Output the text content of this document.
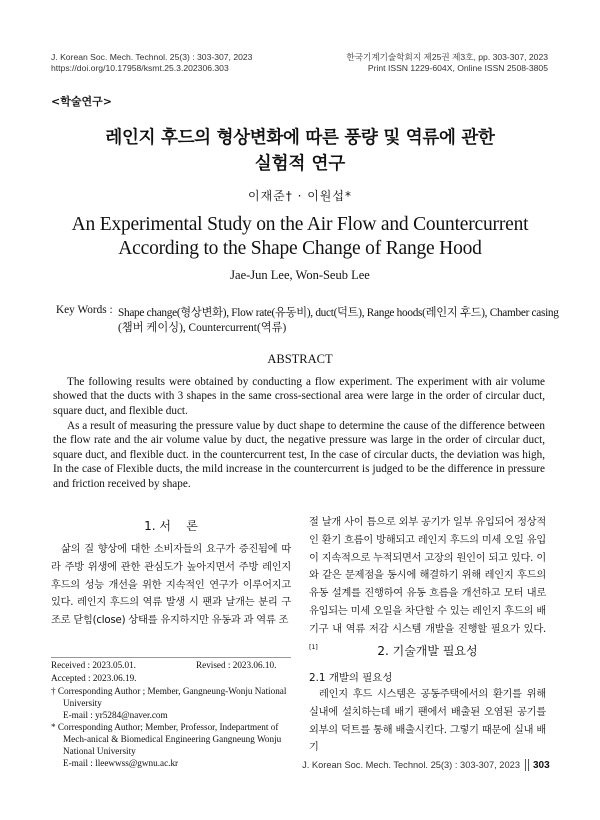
J. Korean Soc. Mech. Technol. 25(3) : 303-307, 2023
https://doi.org/10.17958/ksmt.25.3.202306.303
한국기계기술학회지 제25권 제3호, pp. 303-307, 2023
Print ISSN 1229-604X, Online ISSN 2508-3805
<학술연구>
레인지 후드의 형상변화에 따른 풍량 및 역류에 관한
실험적 연구
이재준† · 이원섭*
An Experimental Study on the Air Flow and Countercurrent
According to the Shape Change of Range Hood
Jae-Jun Lee, Won-Seub Lee
Key Words : Shape change(형상변화), Flow rate(유동비), duct(덕트), Range hoods(레인지 후드), Chamber casing
(챔버 케이싱), Countercurrent(역류)
ABSTRACT
The following results were obtained by conducting a flow experiment. The experiment with air volume showed that the ducts with 3 shapes in the same cross-sectional area were large in the order of circular duct, square duct, and flexible duct.
As a result of measuring the pressure value by duct shape to determine the cause of the difference between the flow rate and the air volume value by duct, the negative pressure was large in the order of circular duct, square duct, and flexible duct. in the countercurrent test, In the case of circular ducts, the deviation was high, In the case of Flexible ducts, the mild increase in the countercurrent is judged to be the difference in pressure and friction received by shape.
1. 서    론
삶의 질 향상에 대한 소비자들의 요구가 증진됨에 따라 주방 위생에 관한 관심도가 높아지면서 주방 레인지 후드의 성능 개선을 위한 지속적인 연구가 이루어지고 있다. 레인지 후드의 역류 발생 시 팬과 날개는 분리 구조로 닫힘(close) 상태를 유지하지만 유동과 과 역류 조
Received : 2023.05.01.	Revised : 2023.06.10.
Accepted : 2023.06.19.
† Corresponding Author ; Member, Gangneung-Wonju National
University
E-mail : yr5284@naver.com
* Corresponding Author; Member, Professor, Indepartment of
Mech-anical & Biomedical Engineering Gangneung Wonju
National University
E-mail : lleewwss@gwnu.ac.kr
절 날개 사이 틈으로 외부 공기가 일부 유입되어 정상적인 환기 흐름이 방해되고 레인지 후드의 미세 오일 유입이 지속적으로 누적되면서 고장의 원인이 되고 있다. 이와 같은 문제점을 동시에 해결하기 위해 레인지 후드의 유동 설계를 진행하여 유동 흐름을 개선하고 모터 내로 유입되는 미세 오일을 차단할 수 있는 레인지 후드의 배기구 내 역류 저감 시스템 개발을 진행할 필요가 있다.[1]	2. 기술개발 필요성
2.1 개발의 필요성
레인지 후드 시스템은 공동주택에서의 환기를 위해 실내에 설치하는데 배기 팬에서 배출된 오염된 공기를 외부의 덕트를 통해 배출시킨다. 그렇기 때문에 실내 배기
J. Korean Soc. Mech. Technol. 25(3) : 303-307, 2023 303
